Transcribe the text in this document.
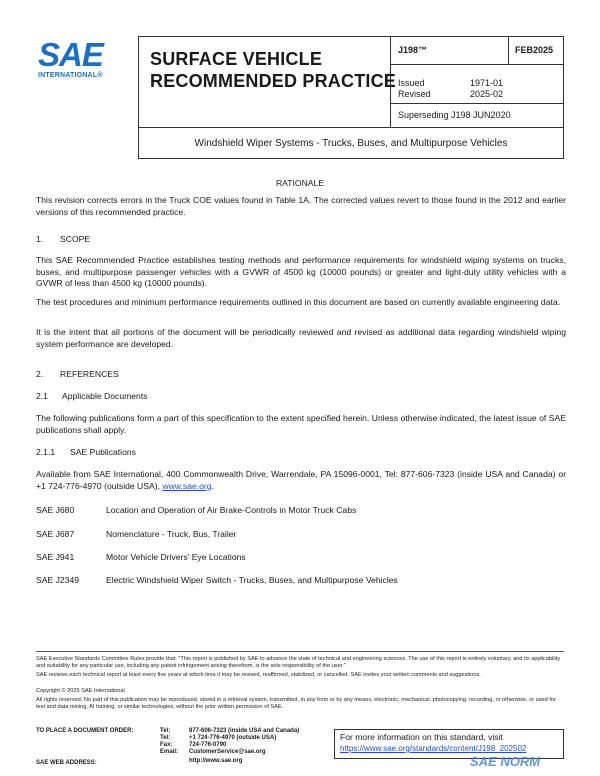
SAE
INTERNATIONAL®
SURFACE VEHICLE
RECOMMENDED PRACTICE
J198™	FEB2025
Issued	1971-01
Revised	2025-02
Superseding J198 JUN2020
Windshield Wiper Systems - Trucks, Buses, and Multipurpose Vehicles
RATIONALE
This revision corrects errors in the Truck COE values found in Table 1A. The corrected values revert to those found in the 2012 and earlier versions of this recommended practice.
1. SCOPE
This SAE Recommended Practice establishes testing methods and performance requirements for windshield wiping systems on trucks, buses, and multipurpose passenger vehicles with a GVWR of 4500 kg (10000 pounds) or greater and light-duty utility vehicles with a GVWR of less than 4500 kg (10000 pounds).
The test procedures and minimum performance requirements outlined in this document are based on currently available engineering data.
It is the intent that all portions of the document will be periodically reviewed and revised as additional data regarding windshield wiping system performance are developed.
2. REFERENCES
2.1 Applicable Documents
The following publications form a part of this specification to the extent specified herein. Unless otherwise indicated, the latest issue of SAE publications shall apply.
2.1.1 SAE Publications
Available from SAE International, 400 Commonwealth Drive, Warrendale, PA 15096-0001, Tel: 877-606-7323 (inside USA and Canada) or +1 724-776-4970 (outside USA), www.sae.org.
SAE J680	Location and Operation of Air Brake-Controls in Motor Truck Cabs
SAE J687	Nomenclature - Truck, Bus, Trailer
SAE J941	Motor Vehicle Drivers' Eye Locations
SAE J2349	Electric Windshield Wiper Switch - Trucks, Buses, and Multipurpose Vehicles
SAE Executive Standards Committee Rules provide that: "This report is published by SAE to advance the state of technical and engineering sciences. The use of this report is entirely voluntary, and its applicability and suitability for any particular use, including any patent infringement arising therefrom, is the sole responsibility of the user."
SAE reviews each technical report at least every five years at which time it may be revised, reaffirmed, stabilized, or cancelled. SAE invites your written comments and suggestions.
Copyright © 2025 SAE International
All rights reserved. No part of this publication may be reproduced, stored in a retrieval system, transmitted, in any form or by any means, electronic, mechanical, photocopying, recording, or otherwise, or used for text and data mining, AI training, or similar technologies, without the prior written permission of SAE.
TO PLACE A DOCUMENT ORDER:	Tel:	877-606-7323 (inside USA and Canada)
Tel:	+1 724-776-4970 (outside USA)
Fax:	724-776-0790
Email: CustomerService@sae.org
SAE WEB ADDRESS:	http://www.sae.org
For more information on this standard, visit
https://www.sae.org/standards/content/J198_202502
SAE NORM
